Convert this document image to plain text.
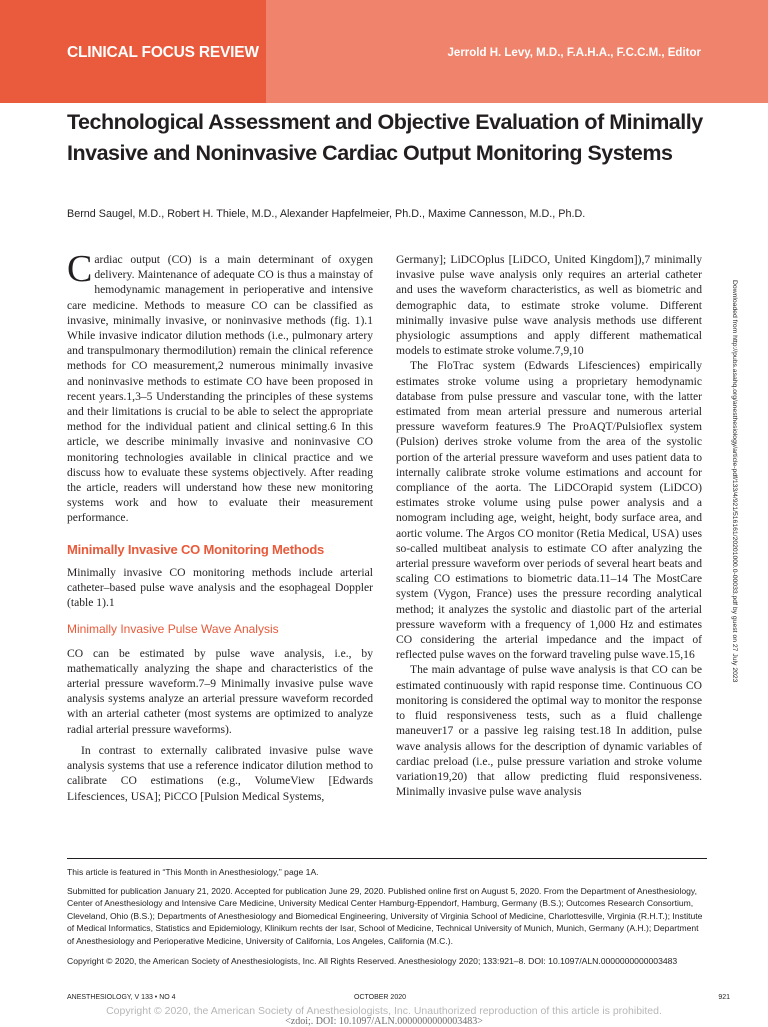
CLINICAL FOCUS REVIEW	Jerrold H. Levy, M.D., F.A.H.A., F.C.C.M., Editor
Technological Assessment and Objective Evaluation of Minimally Invasive and Noninvasive Cardiac Output Monitoring Systems
Bernd Saugel, M.D., Robert H. Thiele, M.D., Alexander Hapfelmeier, Ph.D., Maxime Cannesson, M.D., Ph.D.

Cardiac output (CO) is a main determinant of oxygen delivery. Maintenance of adequate CO is thus a mainstay of hemodynamic management in perioperative and intensive care medicine. Methods to measure CO can be classified as invasive, minimally invasive, or noninvasive methods (fig. 1).1 While invasive indicator dilution methods (i.e., pulmonary artery and transpulmonary thermodilution) remain the clinical reference methods for CO measurement,2 numerous minimally invasive and noninvasive methods to estimate CO have been proposed in recent years.1,3–5 Understanding the principles of these systems and their limitations is crucial to be able to select the appropriate method for the individual patient and clinical setting.6 In this article, we describe minimally invasive and noninvasive CO monitoring technologies available in clinical practice and we discuss how to evaluate these systems objectively. After reading the article, readers will understand how these new monitoring systems work and how to evaluate their measurement performance.

Minimally Invasive CO Monitoring Methods

Minimally invasive CO monitoring methods include arterial catheter–based pulse wave analysis and the esophageal Doppler (table 1).1

Minimally Invasive Pulse Wave Analysis

CO can be estimated by pulse wave analysis, i.e., by mathematically analyzing the shape and characteristics of the arterial pressure waveform.7–9 Minimally invasive pulse wave analysis systems analyze an arterial pressure waveform recorded with an arterial catheter (most systems are optimized to analyze radial arterial pressure waveforms).

In contrast to externally calibrated invasive pulse wave analysis systems that use a reference indicator dilution method to calibrate CO estimations (e.g., VolumeView [Edwards Lifesciences, USA]; PiCCO [Pulsion Medical Systems,

Germany]; LiDCOplus [LiDCO, United Kingdom]),7 minimally invasive pulse wave analysis only requires an arterial catheter and uses the waveform characteristics, as well as biometric and demographic data, to estimate stroke volume. Different minimally invasive pulse wave analysis methods use different physiologic assumptions and apply different mathematical models to estimate stroke volume.7,9,10

The FloTrac system (Edwards Lifesciences) empirically estimates stroke volume using a proprietary hemodynamic database from pulse pressure and vascular tone, with the latter estimated from mean arterial pressure and numerous arterial pressure waveform features.9 The ProAQT/Pulsioflex system (Pulsion) derives stroke volume from the area of the systolic portion of the arterial pressure waveform and uses patient data to internally calibrate stroke volume estimations and account for compliance of the aorta. The LiDCOrapid system (LiDCO) estimates stroke volume using pulse power analysis and a nomogram including age, weight, height, body surface area, and aortic volume. The Argos CO monitor (Retia Medical, USA) uses so-called multibeat analysis to estimate CO after analyzing the arterial pressure waveform over periods of several heart beats and scaling CO estimations to biometric data.11–14 The MostCare system (Vygon, France) uses the pressure recording analytical method; it analyzes the systolic and diastolic part of the arterial pressure waveform with a frequency of 1,000 Hz and estimates CO considering the arterial impedance and the impact of reflected pulse waves on the forward traveling pulse wave.15,16

The main advantage of pulse wave analysis is that CO can be estimated continuously with rapid response time. Continuous CO monitoring is considered the optimal way to monitor the response to fluid responsiveness tests, such as a fluid challenge maneuver17 or a passive leg raising test.18 In addition, pulse wave analysis allows for the description of dynamic variables of cardiac preload (i.e., pulse pressure variation and stroke volume variation19,20) that allow predicting fluid responsiveness. Minimally invasive pulse wave analysis

Downloaded from http://pubs.asahq.org/anesthesiology/article-pdf/133/4/921/516161/20201000.0-00033.pdf by guest on 27 July 2023

This article is featured in “This Month in Anesthesiology,” page 1A.

Submitted for publication January 21, 2020. Accepted for publication June 29, 2020. Published online first on August 5, 2020. From the Department of Anesthesiology, Center of Anesthesiology and Intensive Care Medicine, University Medical Center Hamburg-Eppendorf, Hamburg, Germany (B.S.); Outcomes Research Consortium, Cleveland, Ohio (B.S.); Departments of Anesthesiology and Biomedical Engineering, University of Virginia School of Medicine, Charlottesville, Virginia (R.H.T.); Institute of Medical Informatics, Statistics and Epidemiology, Klinikum rechts der Isar, School of Medicine, Technical University of Munich, Munich, Germany (A.H.); Department of Anesthesiology and Perioperative Medicine, University of California, Los Angeles, California (M.C.).

Copyright © 2020, the American Society of Anesthesiologists, Inc. All Rights Reserved. Anesthesiology 2020; 133:921–8. DOI: 10.1097/ALN.0000000000003483

ANESTHESIOLOGY, V 133 • NO 4	OCTOBER 2020	921
Copyright © 2020, the American Society of Anesthesiologists, Inc. Unauthorized reproduction of this article is prohibited.
<zdoi;. DOI: 10.1097/ALN.0000000000003483>
